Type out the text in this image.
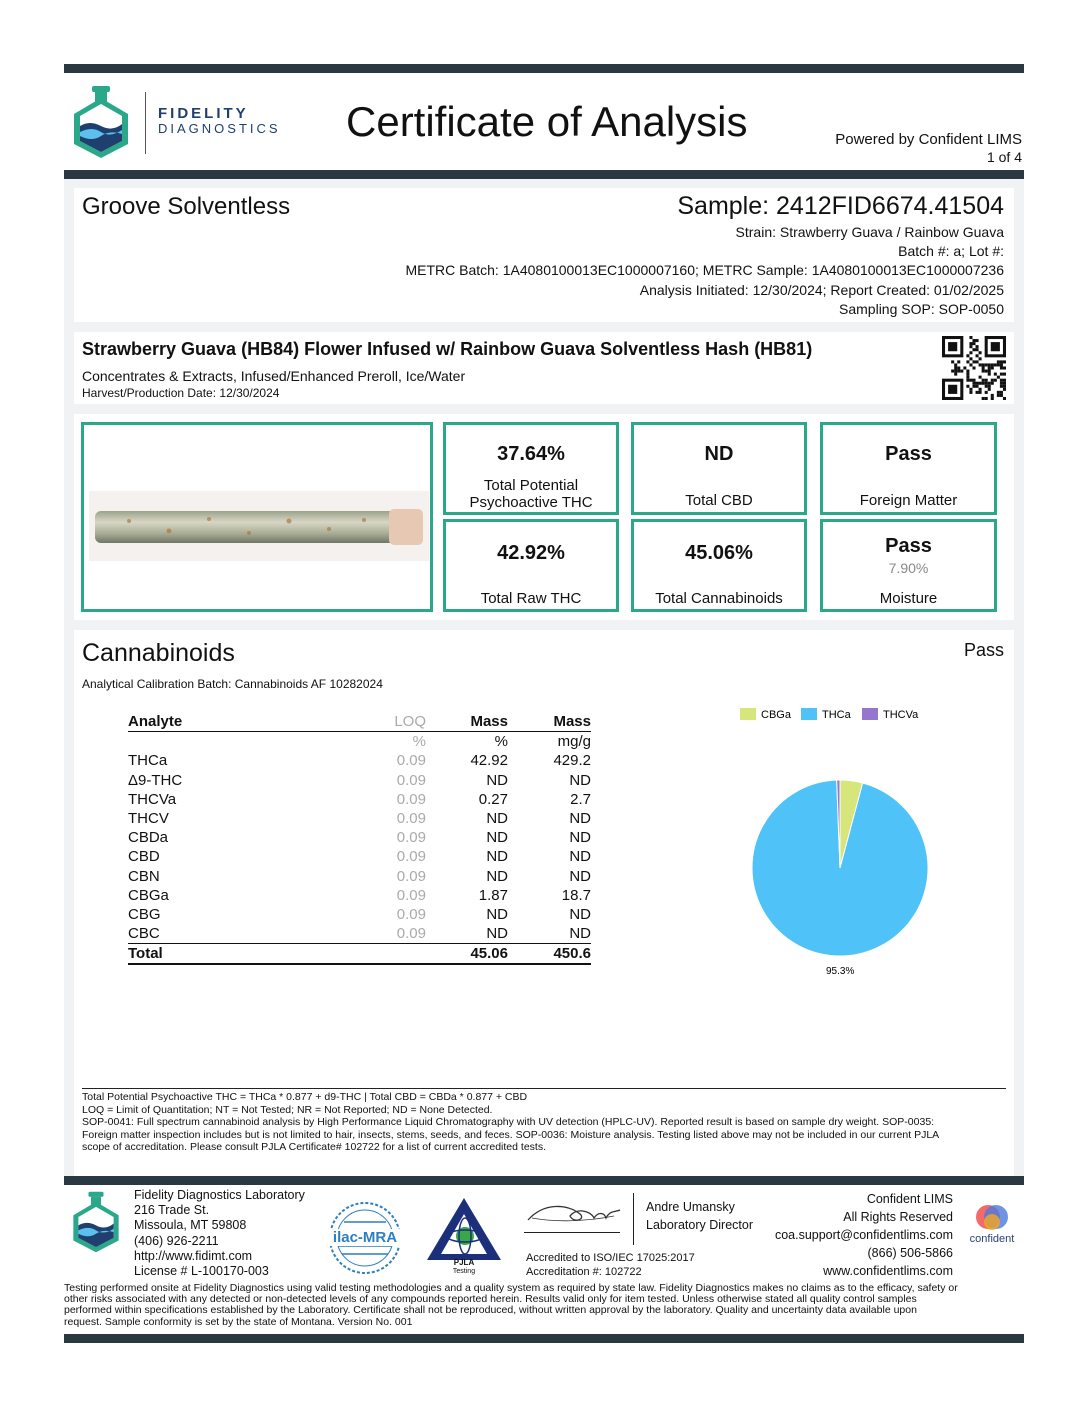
FIDELITY
DIAGNOSTICS Certificate of Analysis	Powered by Confident LIMS
1 of 4
Groove Solventless	Sample: 2412FID6674.41504
Strain: Strawberry Guava / Rainbow Guava
Batch #: a; Lot #:
METRC Batch: 1A4080100013EC1000007160; METRC Sample: 1A4080100013EC1000007236
Analysis Initiated: 12/30/2024; Report Created: 01/02/2025
Sampling SOP: SOP-0050
Strawberry Guava (HB84) Flower Infused w/ Rainbow Guava Solventless Hash (HB81)
Concentrates & Extracts, Infused/Enhanced Preroll, Ice/Water
Harvest/Production Date: 12/30/2024
37.64%
Total Potential
Psychoactive THC
ND
Total CBD
Pass
Foreign Matter
42.92%
Total Raw THC
45.06%
Total Cannabinoids
Pass
7.90%
Moisture
Cannabinoids	Pass
Analytical Calibration Batch: Cannabinoids AF 10282024
Analyte	LOQ	Mass	Mass
	%	%	mg/g
THCa	0.09	42.92	429.2
Δ9-THC	0.09	ND	ND
THCVa	0.09	0.27	2.7
THCV	0.09	ND	ND
CBDa	0.09	ND	ND
CBD	0.09	ND	ND
CBN	0.09	ND	ND
CBGa	0.09	1.87	18.7
CBG	0.09	ND	ND
CBC	0.09	ND	ND
Total		45.06	450.6
CBGa	THCa	THCVa
95.3%
Total Potential Psychoactive THC = THCa * 0.877 + d9-THC | Total CBD = CBDa * 0.877 + CBD
LOQ = Limit of Quantitation; NT = Not Tested; NR = Not Reported; ND = None Detected.
SOP-0041: Full spectrum cannabinoid analysis by High Performance Liquid Chromatography with UV detection (HPLC-UV). Reported result is based on sample dry weight. SOP-0035:
Foreign matter inspection includes but is not limited to hair, insects, stems, seeds, and feces. SOP-0036: Moisture analysis. Testing listed above may not be included in our current PJLA
scope of accreditation. Please consult PJLA Certificate# 102722 for a list of current accredited tests.
Fidelity Diagnostics Laboratory
216 Trade St.
Missoula, MT 59808
(406) 926-2211
http://www.fidimt.com
License # L-100170-003
ilac-MRA
PJLA
Testing
Andre Umansky
Laboratory Director
Accredited to ISO/IEC 17025:2017
Accreditation #: 102722
Confident LIMS
All Rights Reserved
coa.support@confidentlims.com
(866) 506-5866
www.confidentlims.com
confident
Testing performed onsite at Fidelity Diagnostics using valid testing methodologies and a quality system as required by state law. Fidelity Diagnostics makes no claims as to the efficacy, safety or
other risks associated with any detected or non-detected levels of any compounds reported herein. Results valid only for item tested. Unless otherwise stated all quality control samples
performed within specifications established by the Laboratory. Certificate shall not be reproduced, without written approval by the laboratory. Quality and uncertainty data available upon
request. Sample conformity is set by the state of Montana. Version No. 001
